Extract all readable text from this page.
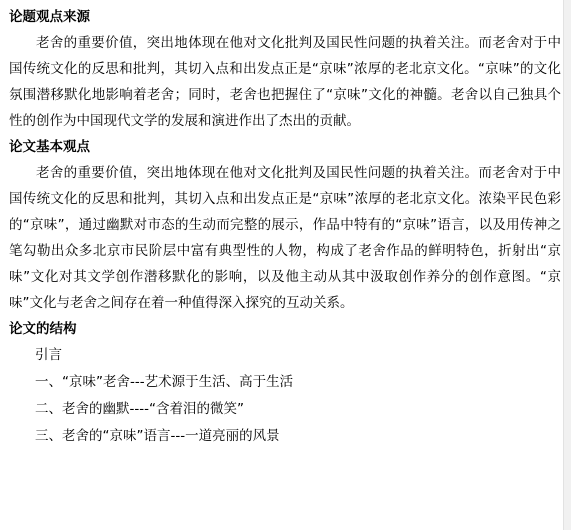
论题观点来源

老舍的重要价值，突出地体现在他对文化批判及国民性问题的执着关注。而老舍对于中国传统文化的反思和批判，其切入点和出发点正是“京味”浓厚的老北京文化。“京味”的文化氛围潜移默化地影响着老舍；同时，老舍也把握住了“京味”文化的神髓。老舍以自己独具个性的创作为中国现代文学的发展和演进作出了杰出的贡献。

论文基本观点

老舍的重要价值，突出地体现在他对文化批判及国民性问题的执着关注。而老舍对于中国传统文化的反思和批判，其切入点和出发点正是“京味”浓厚的老北京文化。浓染平民色彩的“京味”，通过幽默对市态的生动而完整的展示，作品中特有的“京味”语言，以及用传神之笔勾勒出众多北京市民阶层中富有典型性的人物，构成了老舍作品的鲜明特色，折射出“京味”文化对其文学创作潜移默化的影响，以及他主动从其中汲取创作养分的创作意图。“京味”文化与老舍之间存在着一种值得深入探究的互动关系。

论文的结构
引言
一、“京味”老舍---艺术源于生活、高于生活
二、老舍的幽默----“含着泪的微笑”
三、老舍的“京味”语言---一道亮丽的风景
